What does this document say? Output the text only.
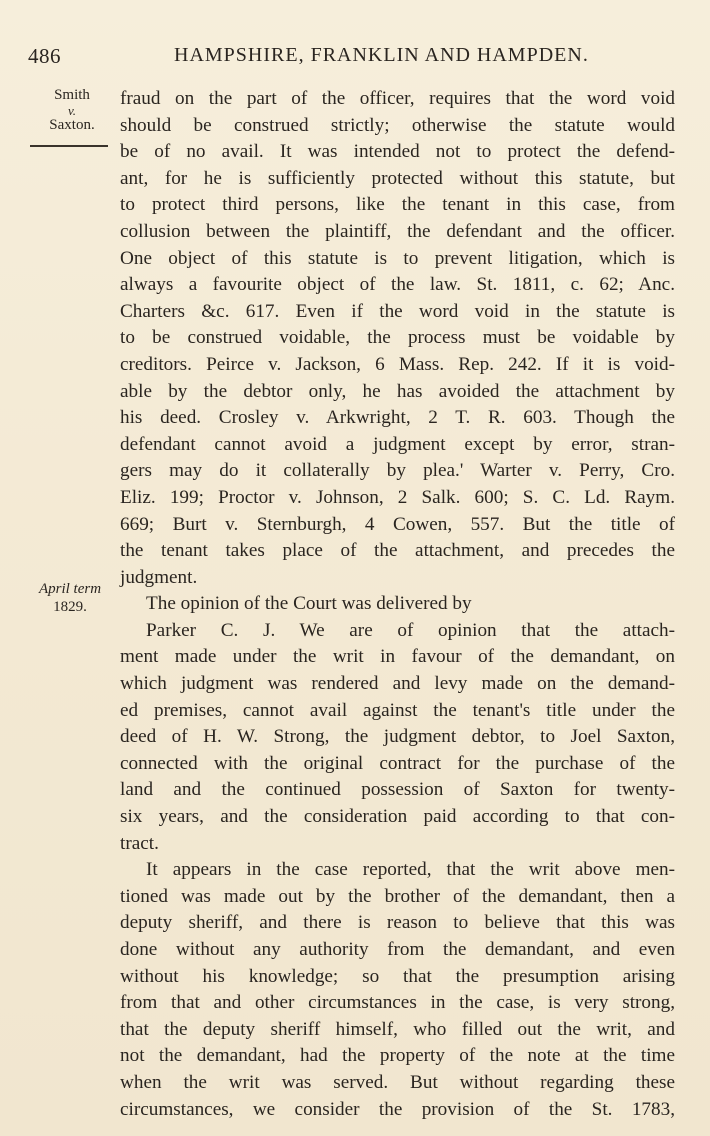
486	HAMPSHIRE, FRANKLIN AND HAMPDEN.
Smith
v.
Saxton.
April term
1829.

fraud on the part of the officer, requires that the word void

should be construed strictly; otherwise the statute would

be of no avail. It was intended not to protect the defend-

ant, for he is sufficiently protected without this statute, but

to protect third persons, like the tenant in this case, from

collusion between the plaintiff, the defendant and the officer.

One object of this statute is to prevent litigation, which is

always a favourite object of the law. St. 1811, c. 62; Anc.

Charters &c. 617. Even if the word void in the statute is

to be construed voidable, the process must be voidable by

creditors. Peirce v. Jackson, 6 Mass. Rep. 242. If it is void-

able by the debtor only, he has avoided the attachment by

his deed. Crosley v. Arkwright, 2 T. R. 603. Though the

defendant cannot avoid a judgment except by error, stran-

gers may do it collaterally by plea.' Warter v. Perry, Cro.

Eliz. 199; Proctor v. Johnson, 2 Salk. 600; S. C. Ld. Raym.

669; Burt v. Sternburgh, 4 Cowen, 557. But the title of

the tenant takes place of the attachment, and precedes the

judgment.

The opinion of the Court was delivered by

Parker C. J. We are of opinion that the attach-

ment made under the writ in favour of the demandant, on

which judgment was rendered and levy made on the demand-

ed premises, cannot avail against the tenant's title under the

deed of H. W. Strong, the judgment debtor, to Joel Saxton,

connected with the original contract for the purchase of the

land and the continued possession of Saxton for twenty-

six years, and the consideration paid according to that con-

tract.

It appears in the case reported, that the writ above men-

tioned was made out by the brother of the demandant, then a

deputy sheriff, and there is reason to believe that this was

done without any authority from the demandant, and even

without his knowledge; so that the presumption arising

from that and other circumstances in the case, is very strong,

that the deputy sheriff himself, who filled out the writ, and

not the demandant, had the property of the note at the time

when the writ was served. But without regarding these

circumstances, we consider the provision of the St. 1783,
